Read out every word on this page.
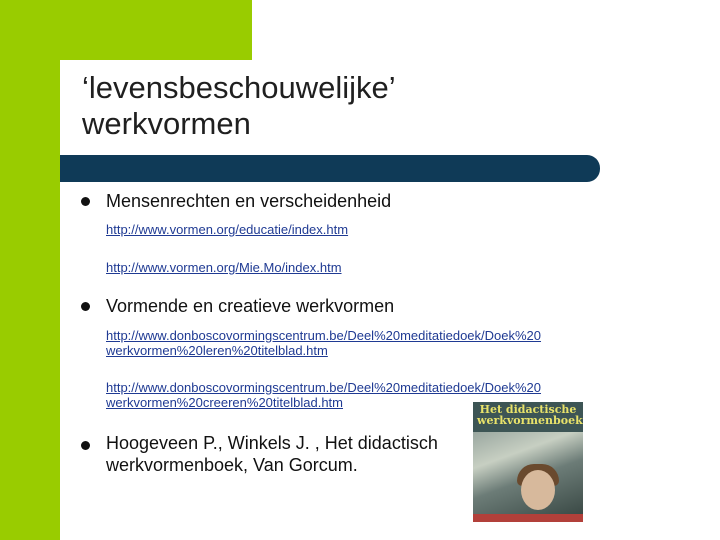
‘levensbeschouwelijke’
werkvormen
Mensenrechten en verscheidenheid
http://www.vormen.org/educatie/index.htm
http://www.vormen.org/Mie.Mo/index.htm
Vormende en creatieve werkvormen
http://www.donboscovormingscentrum.be/Deel%20meditatiedoek/Doek%20 werkvormen%20leren%20titelblad.htm
http://www.donboscovormingscentrum.be/Deel%20meditatiedoek/Doek%20 werkvormen%20creeren%20titelblad.htm
Hoogeveen P., Winkels J. , Het didactisch werkvormenboek, Van Gorcum.
Het didactische werkvormenboek
